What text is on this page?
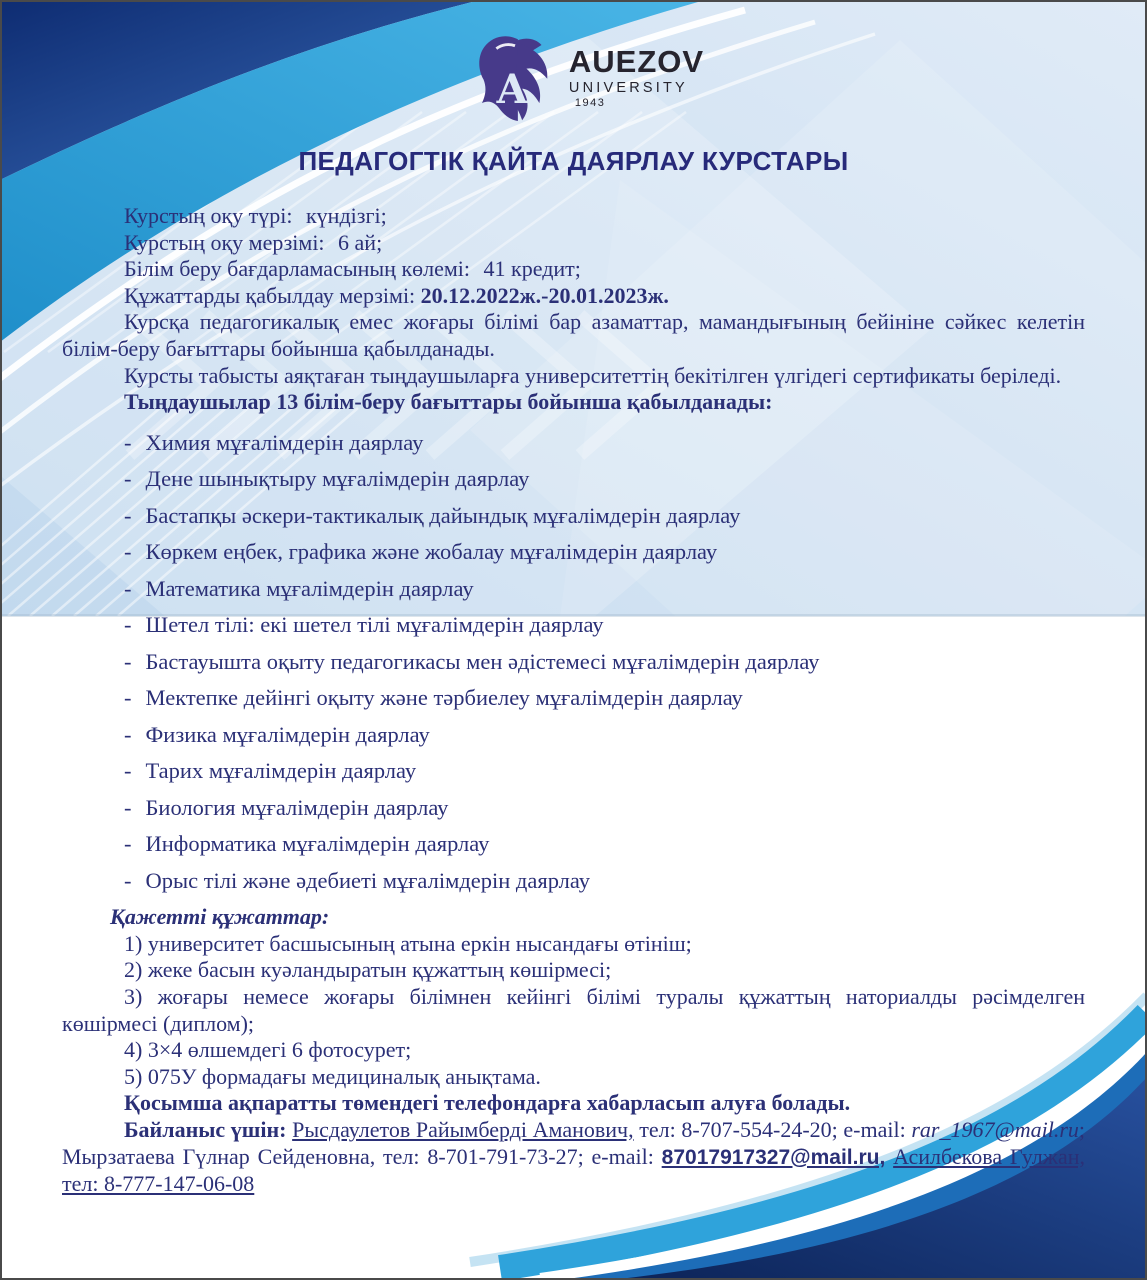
A
AUEZOV
UNIVERSITY
1943
ПЕДАГОГТІК ҚАЙТА ДАЯРЛАУ КУРСТАРЫ

Курстың оқу түрі: күндізгі;

Курстың оқу мерзімі: 6 ай;

Білім беру бағдарламасының көлемі: 41 кредит;

Құжаттарды қабылдау мерзімі: 20.12.2022ж.-20.01.2023ж.

Курсқа педагогикалық емес жоғары білімі бар азаматтар, мамандығының бейініне сәйкес келетін білім-беру бағыттары бойынша қабылданады.

Курсты табысты аяқтаған тыңдаушыларға университеттің бекітілген үлгідегі сертификаты беріледі.

Тыңдаушылар 13 білім-беру бағыттары бойынша қабылданады:

- Химия мұғалімдерін даярлау
- Дене шынықтыру мұғалімдерін даярлау
- Бастапқы әскери-тактикалық дайындық мұғалімдерін даярлау
- Көркем еңбек, графика және жобалау мұғалімдерін даярлау
- Математика мұғалімдерін даярлау
- Шетел тілі: екі шетел тілі мұғалімдерін даярлау
- Бастауышта оқыту педагогикасы мен әдістемесі мұғалімдерін даярлау
- Мектепке дейінгі оқыту және тәрбиелеу мұғалімдерін даярлау
- Физика мұғалімдерін даярлау
- Тарих мұғалімдерін даярлау
- Биология мұғалімдерін даярлау
- Информатика мұғалімдерін даярлау
- Орыс тілі және әдебиеті мұғалімдерін даярлау

Қажетті құжаттар:

1) университет басшысының атына еркін нысандағы өтініш;

2) жеке басын куәландыратын құжаттың көшірмесі;

3) жоғары немесе жоғары білімнен кейінгі білімі туралы құжаттың наториалды рәсімделген көшірмесі (диплом);

4) 3×4 өлшемдегі 6 фотосурет;

5) 075У формадағы медициналық анықтама.

Қосымша ақпаратты төмендегі телефондарға хабарласып алуға болады.

Байланыс үшін: Рысдаулетов Райымберді Аманович, тел: 8-707-554-24-20; e-mail: rar_1967@mail.ru; Мырзатаева Гүлнар Сейденовна, тел: 8-701-791-73-27; e-mail: 87017917327@mail.ru, Асилбекова Гулжан, тел: 8-777-147-06-08
